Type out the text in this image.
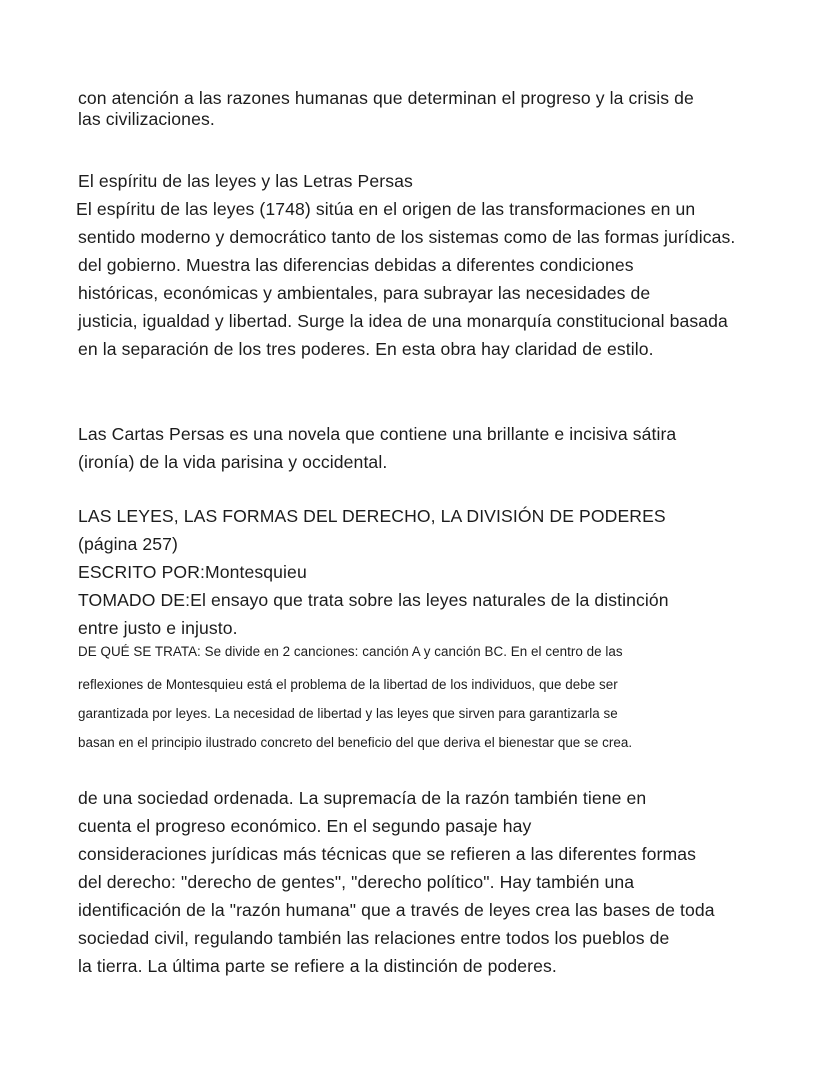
con atención a las razones humanas que determinan el progreso y la crisis de
las civilizaciones.
El espíritu de las leyes y las Letras Persas
El espíritu de las leyes (1748) sitúa en el origen de las transformaciones en un
sentido moderno y democrático tanto de los sistemas como de las formas jurídicas.
del gobierno. Muestra las diferencias debidas a diferentes condiciones
históricas, económicas y ambientales, para subrayar las necesidades de
justicia, igualdad y libertad. Surge la idea de una monarquía constitucional basada
en la separación de los tres poderes. En esta obra hay claridad de estilo.
Las Cartas Persas es una novela que contiene una brillante e incisiva sátira
(ironía) de la vida parisina y occidental.
LAS LEYES, LAS FORMAS DEL DERECHO, LA DIVISIÓN DE PODERES
(página 257)
ESCRITO POR:Montesquieu
TOMADO DE:El ensayo que trata sobre las leyes naturales de la distinción
entre justo e injusto.
DE QUÉ SE TRATA: Se divide en 2 canciones: canción A y canción BC. En el centro de las
reflexiones de Montesquieu está el problema de la libertad de los individuos, que debe ser
garantizada por leyes. La necesidad de libertad y las leyes que sirven para garantizarla se
basan en el principio ilustrado concreto del beneficio del que deriva el bienestar que se crea.
de una sociedad ordenada. La supremacía de la razón también tiene en
cuenta el progreso económico. En el segundo pasaje hay
consideraciones jurídicas más técnicas que se refieren a las diferentes formas
del derecho: "derecho de gentes", "derecho político". Hay también una
identificación de la "razón humana" que a través de leyes crea las bases de toda
sociedad civil, regulando también las relaciones entre todos los pueblos de
la tierra. La última parte se refiere a la distinción de poderes.
